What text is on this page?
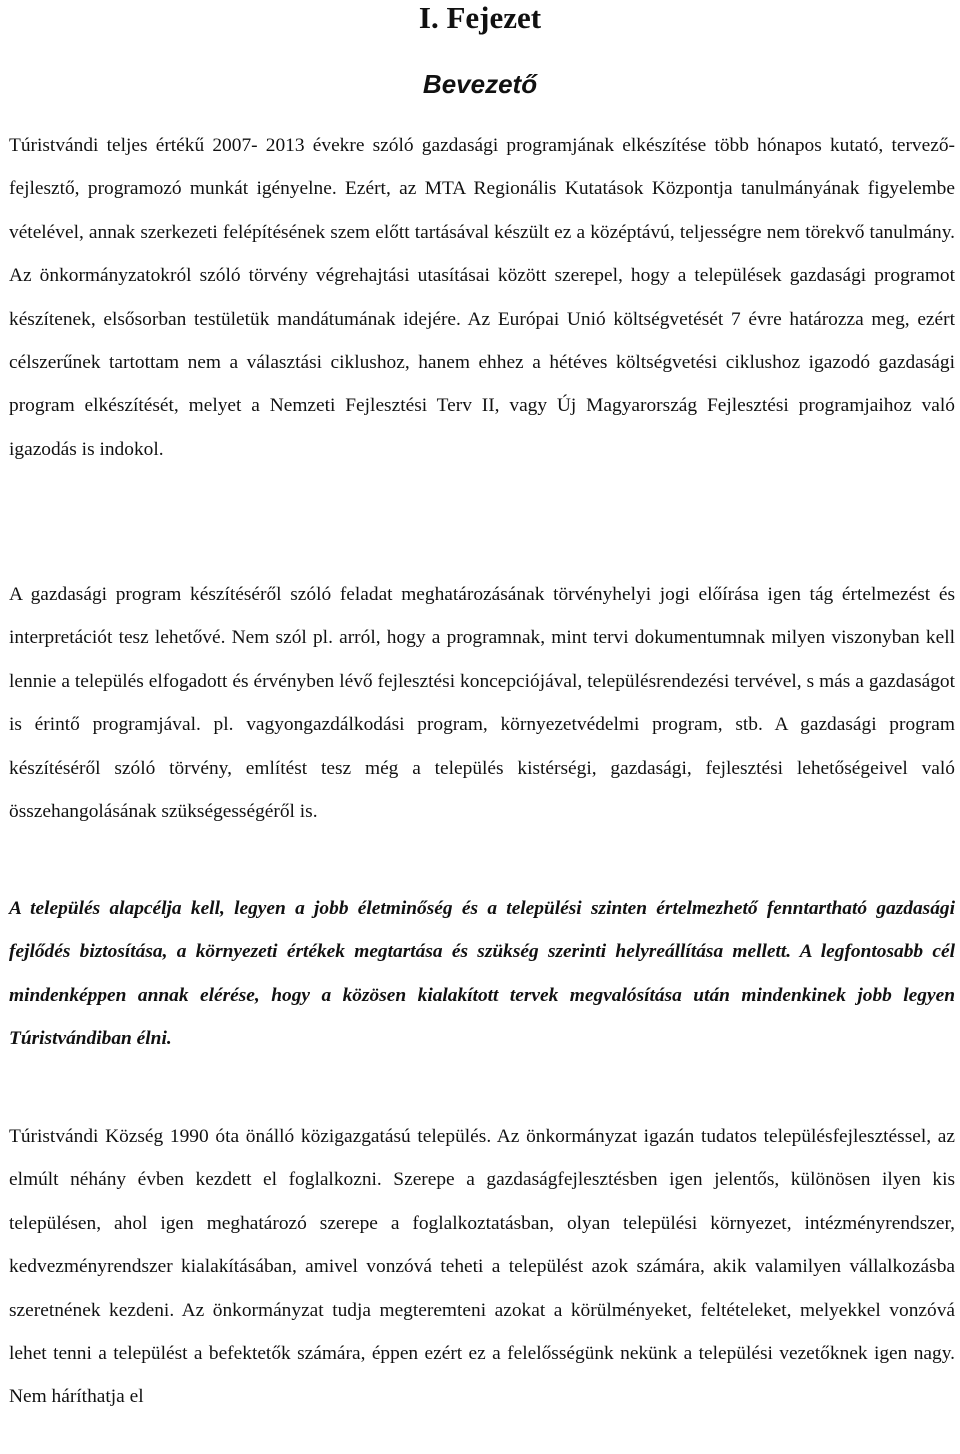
I. Fejezet
Bevezető

Túristvándi teljes értékű 2007- 2013 évekre szóló gazdasági programjának elkészítése több hónapos kutató, tervező- fejlesztő, programozó munkát igényelne. Ezért, az MTA Regionális Kutatások Központja tanulmányának figyelembe vételével, annak szerkezeti felépítésének szem előtt tartásával készült ez a középtávú, teljességre nem törekvő tanulmány. Az önkormányzatokról szóló törvény végrehajtási utasításai között szerepel, hogy a települések gazdasági programot készítenek, elsősorban testületük mandátumának idejére. Az Európai Unió költségvetését 7 évre határozza meg, ezért célszerűnek tartottam nem a választási ciklushoz, hanem ehhez a hétéves költségvetési ciklushoz igazodó gazdasági program elkészítését, melyet a Nemzeti Fejlesztési Terv II, vagy Új Magyarország Fejlesztési programjaihoz való igazodás is indokol.

A gazdasági program készítéséről szóló feladat meghatározásának törvényhelyi jogi előírása igen tág értelmezést és interpretációt tesz lehetővé. Nem szól pl. arról, hogy a programnak, mint tervi dokumentumnak milyen viszonyban kell lennie a település elfogadott és érvényben lévő fejlesztési koncepciójával, településrendezési tervével, s más a gazdaságot is érintő programjával. pl. vagyongazdálkodási program, környezetvédelmi program, stb. A gazdasági program készítéséről szóló törvény, említést tesz még a település kistérségi, gazdasági, fejlesztési lehetőségeivel való összehangolásának szükségességéről is.

A település alapcélja kell, legyen a jobb életminőség és a települési szinten értelmezhető fenntartható gazdasági fejlődés biztosítása, a környezeti értékek megtartása és szükség szerinti helyreállítása mellett. A legfontosabb cél mindenképpen annak elérése, hogy a közösen kialakított tervek megvalósítása után mindenkinek jobb legyen Túristvándiban élni.

Túristvándi Község 1990 óta önálló közigazgatású település. Az önkormányzat igazán tudatos településfejlesztéssel, az elmúlt néhány évben kezdett el foglalkozni. Szerepe a gazdaságfejlesztésben igen jelentős, különösen ilyen kis településen, ahol igen meghatározó szerepe a foglalkoztatásban, olyan települési környezet, intézményrendszer, kedvezményrendszer kialakításában, amivel vonzóvá teheti a települést azok számára, akik valamilyen vállalkozásba szeretnének kezdeni. Az önkormányzat tudja megteremteni azokat a körülményeket, feltételeket, melyekkel vonzóvá lehet tenni a települést a befektetők számára, éppen ezért ez a felelősségünk nekünk a települési vezetőknek igen nagy. Nem háríthatja el
